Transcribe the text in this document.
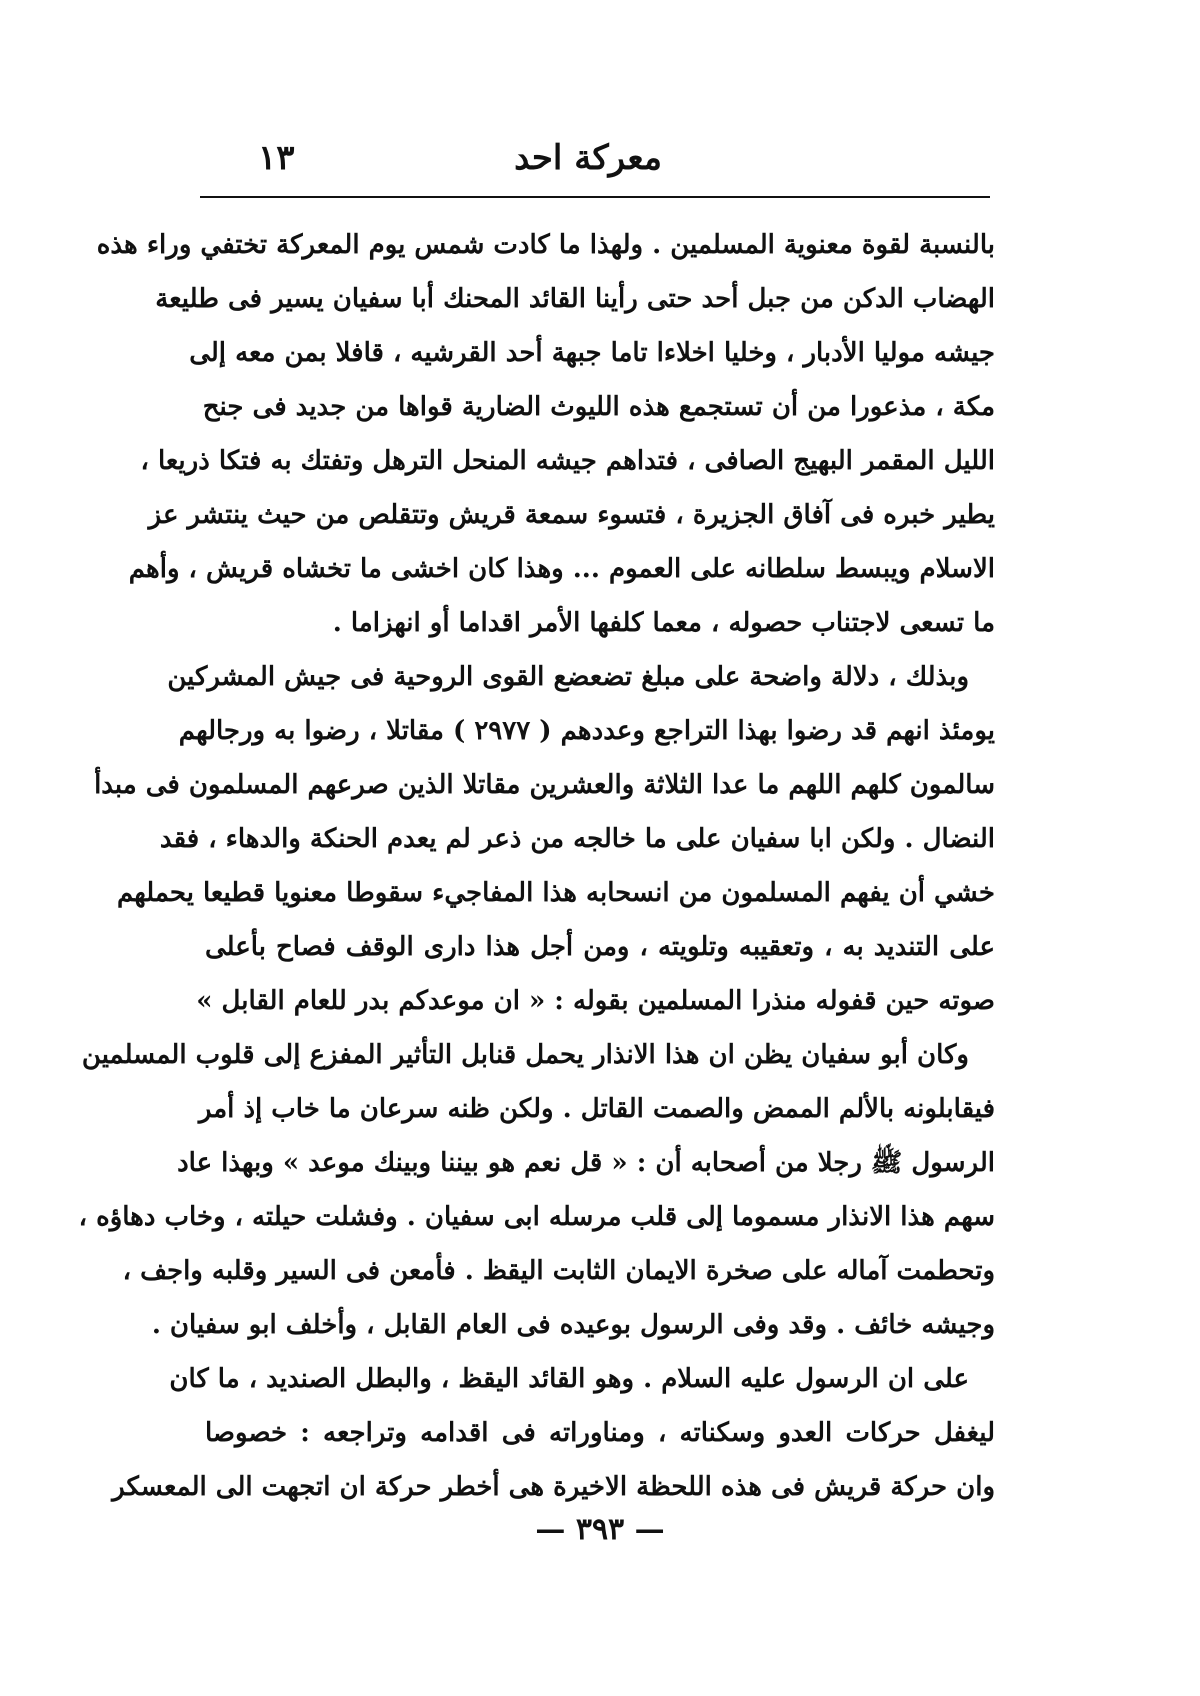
معركة احد
١٣

بالنسبة لقوة معنوية المسلمين . ولهذا ما كادت شمس يوم المعركة تختفي وراء هذه
الهضاب الدكن من جبل أحد حتى رأينا القائد المحنك أبا سفيان يسير فى طليعة
جيشه موليا الأدبار ، وخليا اخلاءا تاما جبهة أحد القرشيه ، قافلا بمن معه إلى
مكة ، مذعورا من أن تستجمع هذه الليوث الضارية قواها من جديد فى جنح
الليل المقمر البهيج الصافى ، فتداهم جيشه المنحل الترهل وتفتك به فتكا ذريعا ،
يطير خبره فى آفاق الجزيرة ، فتسوء سمعة قريش وتتقلص من حيث ينتشر عز
الاسلام ويبسط سلطانه على العموم ... وهذا كان اخشى ما تخشاه قريش ، وأهم
ما تسعى لاجتناب حصوله ، معما كلفها الأمر اقداما أو انهزاما .

وبذلك ، دلالة واضحة على مبلغ تضعضع القوى الروحية فى جيش المشركين
يومئذ انهم قد رضوا بهذا التراجع وعددهم ( ٢٩٧٧ ) مقاتلا ، رضوا به ورجالهم
سالمون كلهم اللهم ما عدا الثلاثة والعشرين مقاتلا الذين صرعهم المسلمون فى مبدأ
النضال . ولكن ابا سفيان على ما خالجه من ذعر لم يعدم الحنكة والدهاء ، فقد
خشي أن يفهم المسلمون من انسحابه هذا المفاجيء سقوطا معنويا قطيعا يحملهم
على التنديد به ، وتعقيبه وتلويته ، ومن أجل هذا دارى الوقف فصاح بأعلى
صوته حين قفوله منذرا المسلمين بقوله : « ان موعدكم بدر للعام القابل »

وكان أبو سفيان يظن ان هذا الانذار يحمل قنابل التأثير المفزع إلى قلوب المسلمين
فيقابلونه بالألم الممض والصمت القاتل . ولكن ظنه سرعان ما خاب إذ أمر
الرسول ﷺ رجلا من أصحابه أن : « قل نعم هو بيننا وبينك موعد » وبهذا عاد
سهم هذا الانذار مسموما إلى قلب مرسله ابى سفيان . وفشلت حيلته ، وخاب دهاؤه ،
وتحطمت آماله على صخرة الايمان الثابت اليقظ . فأمعن فى السير وقلبه واجف ،
وجيشه خائف . وقد وفى الرسول بوعيده فى العام القابل ، وأخلف ابو سفيان .

على ان الرسول عليه السلام . وهو القائد اليقظ ، والبطل الصنديد ، ما كان
ليغفل حركات العدو وسكناته ، ومناوراته فى اقدامه وتراجعه : خصوصا
وان حركة قريش فى هذه اللحظة الاخيرة هى أخطر حركة ان اتجهت الى المعسكر

— ٣٩٣ —
